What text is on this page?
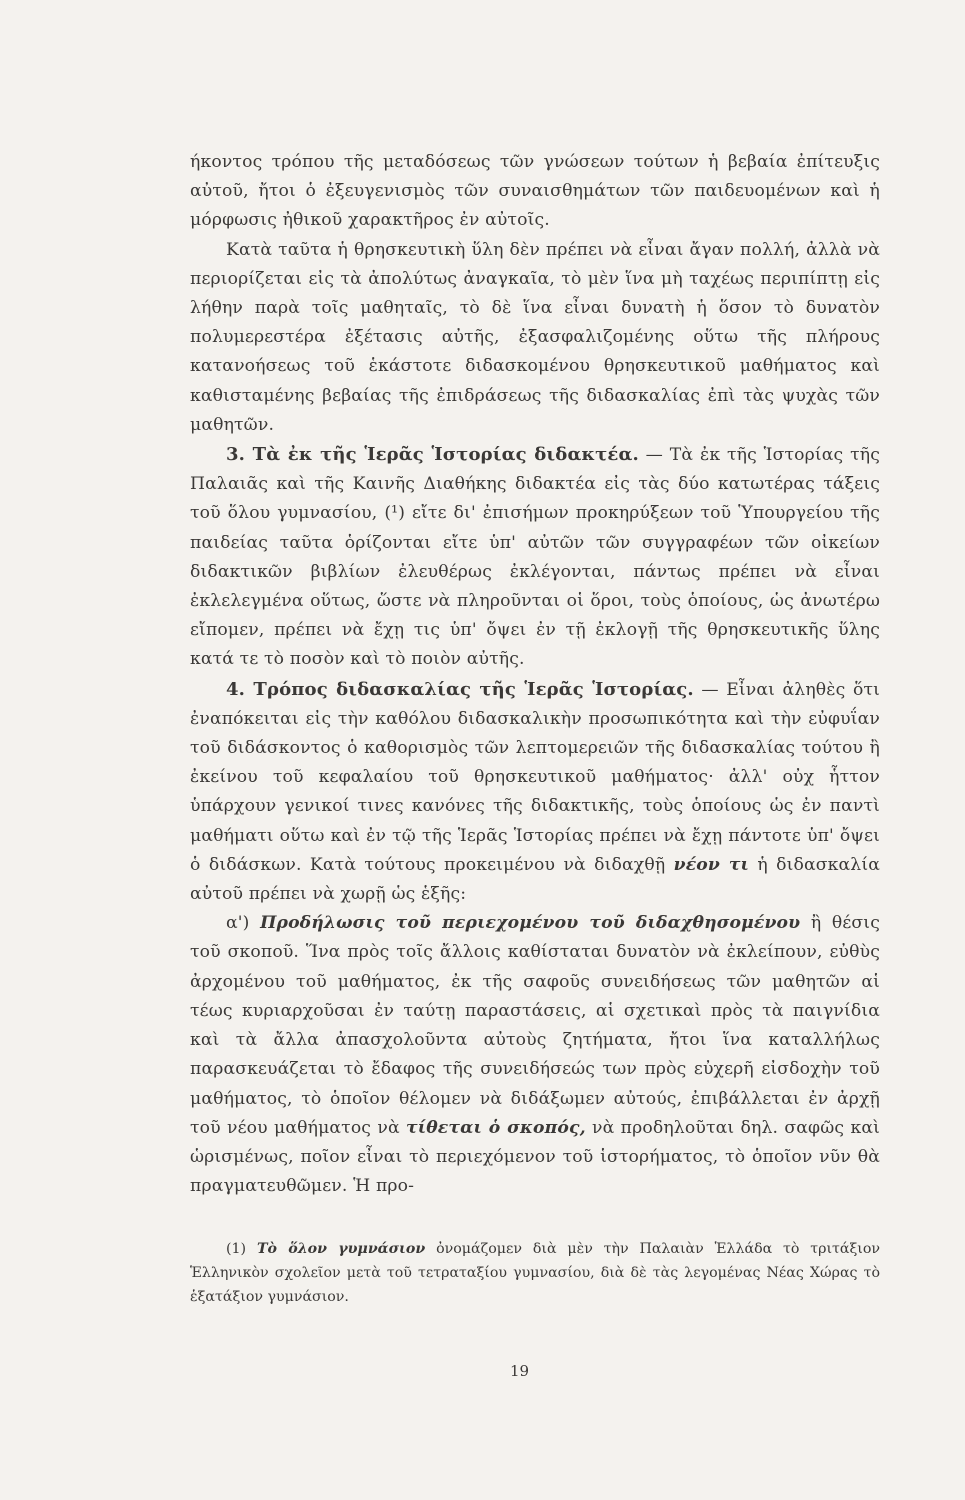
ήκοντος τρόπου τῆς μεταδόσεως τῶν γνώσεων τούτων ἡ βεβαία ἐπίτευξις αὐτοῦ, ἤτοι ὁ ἐξευγενισμὸς τῶν συναισθημάτων τῶν παιδευομένων καὶ ἡ μόρφωσις ἠθικοῦ χαρακτῆρος ἐν αὐτοῖς.

Κατὰ ταῦτα ἡ θρησκευτικὴ ὕλη δὲν πρέπει νὰ εἶναι ἄγαν πολλή, ἀλλὰ νὰ περιορίζεται εἰς τὰ ἀπολύτως ἀναγκαῖα, τὸ μὲν ἵνα μὴ ταχέως περιπίπτῃ εἰς λήθην παρὰ τοῖς μαθηταῖς, τὸ δὲ ἵνα εἶναι δυνατὴ ἡ ὅσον τὸ δυνατὸν πολυμερεστέρα ἐξέτασις αὐτῆς, ἐξασφαλιζομένης οὕτω τῆς πλήρους κατανοήσεως τοῦ ἑκάστοτε διδασκομένου θρησκευτικοῦ μαθήματος καὶ καθισταμένης βεβαίας τῆς ἐπιδράσεως τῆς διδασκαλίας ἐπὶ τὰς ψυχὰς τῶν μαθητῶν.

3. Τὰ ἐκ τῆς Ἱερᾶς Ἱστορίας διδακτέα. — Τὰ ἐκ τῆς Ἱστορίας τῆς Παλαιᾶς καὶ τῆς Καινῆς Διαθήκης διδακτέα εἰς τὰς δύο κατωτέρας τάξεις τοῦ ὅλου γυμνασίου, (¹) εἴτε δι' ἐπισήμων προκηρύξεων τοῦ Ὑπουργείου τῆς παιδείας ταῦτα ὁρίζονται εἴτε ὑπ' αὐτῶν τῶν συγγραφέων τῶν οἰκείων διδακτικῶν βιβλίων ἐλευθέρως ἐκλέγονται, πάντως πρέπει νὰ εἶναι ἐκλελεγμένα οὕτως, ὥστε νὰ πληροῦνται οἱ ὅροι, τοὺς ὁποίους, ὡς ἀνωτέρω εἴπομεν, πρέπει νὰ ἔχῃ τις ὑπ' ὄψει ἐν τῇ ἐκλογῇ τῆς θρησκευτικῆς ὕλης κατά τε τὸ ποσὸν καὶ τὸ ποιὸν αὐτῆς.

4. Τρόπος διδασκαλίας τῆς Ἱερᾶς Ἱστορίας. — Εἶναι ἀληθὲς ὅτι ἐναπόκειται εἰς τὴν καθόλου διδασκαλικὴν προσωπικότητα καὶ τὴν εὐφυΐαν τοῦ διδάσκοντος ὁ καθορισμὸς τῶν λεπτομερειῶν τῆς διδασκαλίας τούτου ἢ ἐκείνου τοῦ κεφαλαίου τοῦ θρησκευτικοῦ μαθήματος· ἀλλ' οὐχ ἧττον ὑπάρχουν γενικοί τινες κανόνες τῆς διδακτικῆς, τοὺς ὁποίους ὡς ἐν παντὶ μαθήματι οὕτω καὶ ἐν τῷ τῆς Ἱερᾶς Ἱστορίας πρέπει νὰ ἔχῃ πάντοτε ὑπ' ὄψει ὁ διδάσκων. Κατὰ τούτους προκειμένου νὰ διδαχθῇ νέον τι ἡ διδασκαλία αὐτοῦ πρέπει νὰ χωρῇ ὡς ἑξῆς:

α') Προδήλωσις τοῦ περιεχομένου τοῦ διδαχθησομένου ἢ θέσις τοῦ σκοποῦ. Ἵνα πρὸς τοῖς ἄλλοις καθίσταται δυνατὸν νὰ ἐκλείπουν, εὐθὺς ἀρχομένου τοῦ μαθήματος, ἐκ τῆς σαφοῦς συνειδήσεως τῶν μαθητῶν αἱ τέως κυριαρχοῦσαι ἐν ταύτῃ παραστάσεις, αἱ σχετικαὶ πρὸς τὰ παιγνίδια καὶ τὰ ἄλλα ἀπασχολοῦντα αὐτοὺς ζητήματα, ἤτοι ἵνα καταλλήλως παρασκευάζεται τὸ ἔδαφος τῆς συνειδήσεώς των πρὸς εὐχερῆ εἰσδοχὴν τοῦ μαθήματος, τὸ ὁποῖον θέλομεν νὰ διδάξωμεν αὐτούς, ἐπιβάλλεται ἐν ἀρχῇ τοῦ νέου μαθήματος νὰ τίθεται ὁ σκοπός, νὰ προδηλοῦται δηλ. σαφῶς καὶ ὡρισμένως, ποῖον εἶναι τὸ περιεχόμενον τοῦ ἱστορήματος, τὸ ὁποῖον νῦν θὰ πραγματευθῶμεν. Ἡ προ-

(1) Τὸ ὅλον γυμνάσιον ὀνομάζομεν διὰ μὲν τὴν Παλαιὰν Ἑλλάδα τὸ τριτάξιον Ἑλληνικὸν σχολεῖον μετὰ τοῦ τετραταξίου γυμνασίου, διὰ δὲ τὰς λεγομένας Νέας Χώρας τὸ ἑξατάξιον γυμνάσιον.

19
